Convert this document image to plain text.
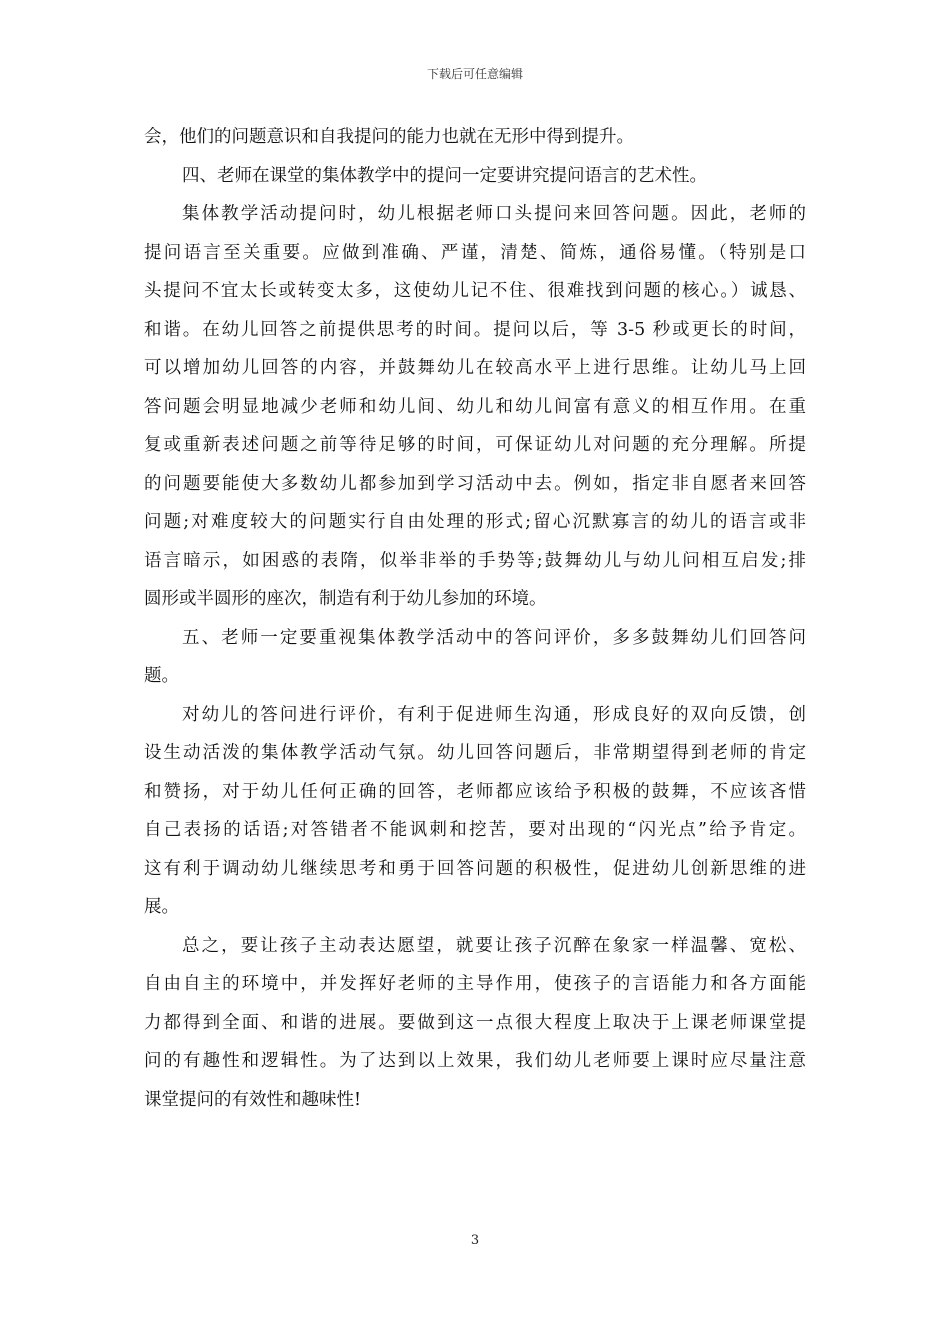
下载后可任意编辑
会，他们的问题意识和自我提问的能力也就在无形中得到提升。
四、老师在课堂的集体教学中的提问一定要讲究提问语言的艺术性。
集体教学活动提问时，幼儿根据老师口头提问来回答问题。因此，老师的
提问语言至关重要。应做到准确、严谨，清楚、简炼，通俗易懂。（特别是口
头提问不宜太长或转变太多，这使幼儿记不住、很难找到问题的核心。）诚恳、
和谐。在幼儿回答之前提供思考的时间。提问以后，等 3-5 秒或更长的时间，
可以增加幼儿回答的内容，并鼓舞幼儿在较高水平上进行思维。让幼儿马上回
答问题会明显地减少老师和幼儿间、幼儿和幼儿间富有意义的相互作用。在重
复或重新表述问题之前等待足够的时间，可保证幼儿对问题的充分理解。所提
的问题要能使大多数幼儿都参加到学习活动中去。例如，指定非自愿者来回答
问题;对难度较大的问题实行自由处理的形式;留心沉默寡言的幼儿的语言或非
语言暗示，如困惑的表隋，似举非举的手势等;鼓舞幼儿与幼儿问相互启发;排
圆形或半圆形的座次，制造有利于幼儿参加的环境。
五、老师一定要重视集体教学活动中的答问评价，多多鼓舞幼儿们回答问
题。
对幼儿的答问进行评价，有利于促进师生沟通，形成良好的双向反馈，创
设生动活泼的集体教学活动气氛。幼儿回答问题后，非常期望得到老师的肯定
和赞扬，对于幼儿任何正确的回答，老师都应该给予积极的鼓舞，不应该吝惜
自己表扬的话语;对答错者不能讽刺和挖苦，要对出现的“闪光点”给予肯定。
这有利于调动幼儿继续思考和勇于回答问题的积极性，促进幼儿创新思维的进
展。
总之，要让孩子主动表达愿望，就要让孩子沉醉在象家一样温馨、宽松、
自由自主的环境中，并发挥好老师的主导作用，使孩子的言语能力和各方面能
力都得到全面、和谐的进展。要做到这一点很大程度上取决于上课老师课堂提
问的有趣性和逻辑性。为了达到以上效果，我们幼儿老师要上课时应尽量注意
课堂提问的有效性和趣味性!
3
